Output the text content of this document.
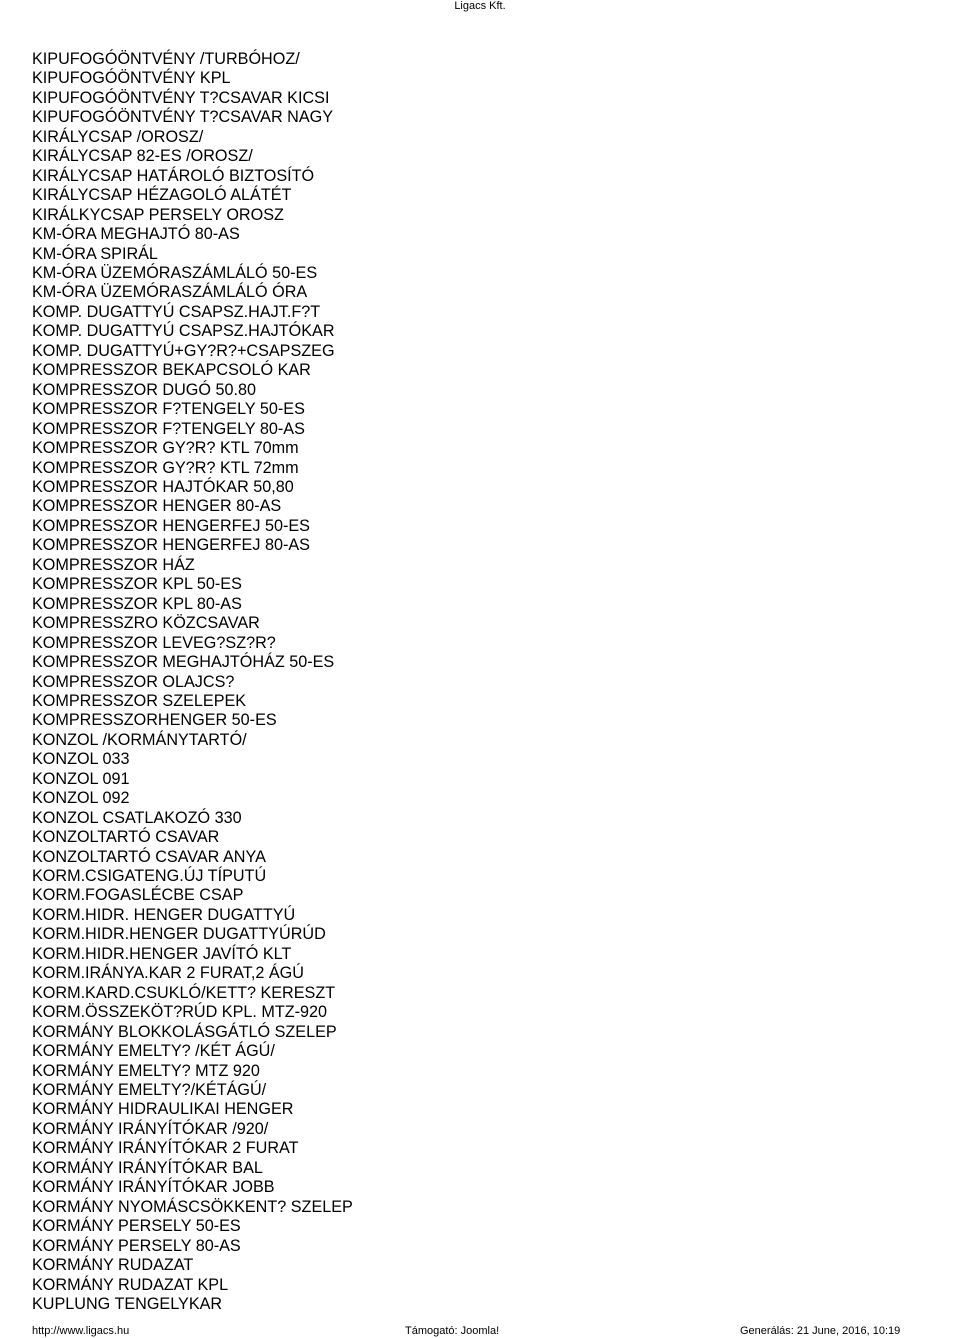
Ligacs Kft.
KIPUFOGÓÖNTVÉNY /TURBÓHOZ/
KIPUFOGÓÖNTVÉNY KPL
KIPUFOGÓÖNTVÉNY T?CSAVAR KICSI
KIPUFOGÓÖNTVÉNY T?CSAVAR NAGY
KIRÁLYCSAP /OROSZ/
KIRÁLYCSAP 82-ES /OROSZ/
KIRÁLYCSAP HATÁROLÓ BIZTOSÍTÓ
KIRÁLYCSAP HÉZAGOLÓ ALÁTÉT
KIRÁLKYCSAP PERSELY OROSZ
KM-ÓRA MEGHAJTÓ 80-AS
KM-ÓRA SPIRÁL
KM-ÓRA ÜZEMÓRASZÁMLÁLÓ 50-ES
KM-ÓRA ÜZEMÓRASZÁMLÁLÓ ÓRA
KOMP. DUGATTYÚ CSAPSZ.HAJT.F?T
KOMP. DUGATTYÚ CSAPSZ.HAJTÓKAR
KOMP. DUGATTYÚ+GY?R?+CSAPSZEG
KOMPRESSZOR BEKAPCSOLÓ KAR
KOMPRESSZOR DUGÓ 50.80
KOMPRESSZOR F?TENGELY 50-ES
KOMPRESSZOR F?TENGELY 80-AS
KOMPRESSZOR GY?R? KTL 70mm
KOMPRESSZOR GY?R? KTL 72mm
KOMPRESSZOR HAJTÓKAR 50,80
KOMPRESSZOR HENGER 80-AS
KOMPRESSZOR HENGERFEJ 50-ES
KOMPRESSZOR HENGERFEJ 80-AS
KOMPRESSZOR HÁZ
KOMPRESSZOR KPL 50-ES
KOMPRESSZOR KPL 80-AS
KOMPRESSZRO KÖZCSAVAR
KOMPRESSZOR LEVEG?SZ?R?
KOMPRESSZOR MEGHAJTÓHÁZ 50-ES
KOMPRESSZOR OLAJCS?
KOMPRESSZOR SZELEPEK
KOMPRESSZORHENGER 50-ES
KONZOL /KORMÁNYTARTÓ/
KONZOL 033
KONZOL 091
KONZOL 092
KONZOL CSATLAKOZÓ 330
KONZOLTARTÓ CSAVAR
KONZOLTARTÓ CSAVAR ANYA
KORM.CSIGATENG.ÚJ TÍPUTÚ
KORM.FOGASLÉCBE CSAP
KORM.HIDR. HENGER DUGATTYÚ
KORM.HIDR.HENGER DUGATTYÚRÚD
KORM.HIDR.HENGER JAVÍTÓ KLT
KORM.IRÁNYA.KAR 2 FURAT,2 ÁGÚ
KORM.KARD.CSUKLÓ/KETT? KERESZT
KORM.ÖSSZEKÖT?RÚD KPL. MTZ-920
KORMÁNY BLOKKOLÁSGÁTLÓ SZELEP
KORMÁNY EMELTY? /KÉT ÁGÚ/
KORMÁNY EMELTY? MTZ 920
KORMÁNY EMELTY?/KÉTÁGÚ/
KORMÁNY HIDRAULIKAI HENGER
KORMÁNY IRÁNYÍTÓKAR /920/
KORMÁNY IRÁNYÍTÓKAR 2 FURAT
KORMÁNY IRÁNYÍTÓKAR BAL
KORMÁNY IRÁNYÍTÓKAR JOBB
KORMÁNY NYOMÁSCSÖKKENT? SZELEP
KORMÁNY PERSELY 50-ES
KORMÁNY PERSELY 80-AS
KORMÁNY RUDAZAT
KORMÁNY RUDAZAT KPL
KUPLUNG TENGELYKAR
http://www.ligacs.hu	Támogató: Joomla!	Generálás: 21 June, 2016, 10:19
